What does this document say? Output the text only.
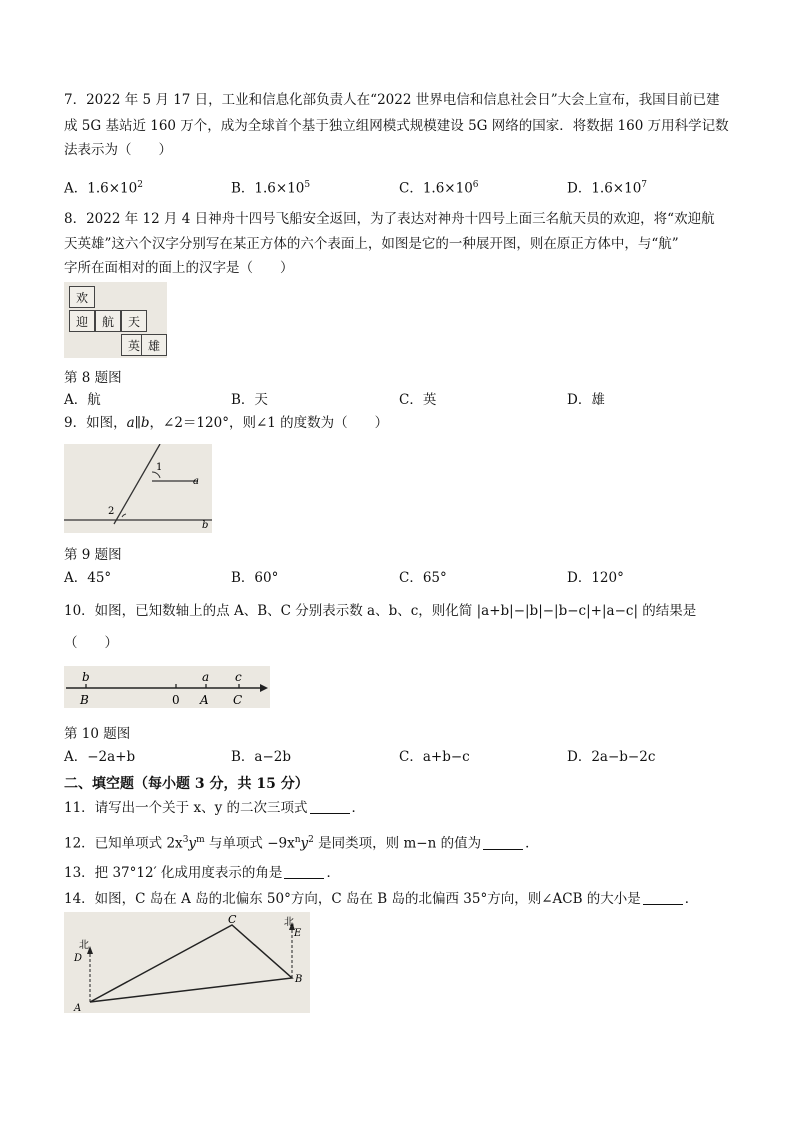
7．2022 年 5 月 17 日，工业和信息化部负责人在“2022 世界电信和信息社会日”大会上宣布，我国目前已建
成 5G 基站近 160 万个，成为全球首个基于独立组网模式规模建设 5G 网络的国家．将数据 160 万用科学记数
法表示为（　　）
A．$1.6\times 10^2$	B．$1.6\times 10^5$	C．$1.6\times 10^6$	D．$1.6\times 10^7$
8．2022 年 12 月 4 日神舟十四号飞船安全返回，为了表达对神舟十四号上面三名航天员的欢迎，将“欢迎航
天英雄”这六个汉字分别写在某正方体的六个表面上，如图是它的一种展开图，则在原正方体中，与“航”
字所在面相对的面上的汉字是（　　）
欢
迎	航	天
英 雄
第 8 题图
A．航	B．天	C．英	D．雄
9．如图，a∥b，∠2＝120°，则∠1 的度数为（　　）
1
2
a
b
第 9 题图
A．45°	B．60°	C．65°	D．120°
10．如图，已知数轴上的点 A、B、C 分别表示数 a、b、c，则化简 |a+b|−|b|−|b−c|+|a−c| 的结果是
（　　）
b
B	0
a
A
c
C
第 10 题图
A．−2a+b	B．a−2b	C．a+b−c	D．2a−b−2c
二、填空题（每小题 3 分，共 15 分）
11．请写出一个关于 x、y 的二次三项式	．
12．已知单项式 $2x^3y^m$ 与单项式 $-9x^ny^2$ 是同类项，则 m−n 的值为	．
13．把 37°12′ 化成用度表示的角是	．
14．如图，C 岛在 A 岛的北偏东 50°方向，C 岛在 B 岛的北偏西 35°方向，则∠ACB 的大小是	．
C
北
北
D
E
A
B
